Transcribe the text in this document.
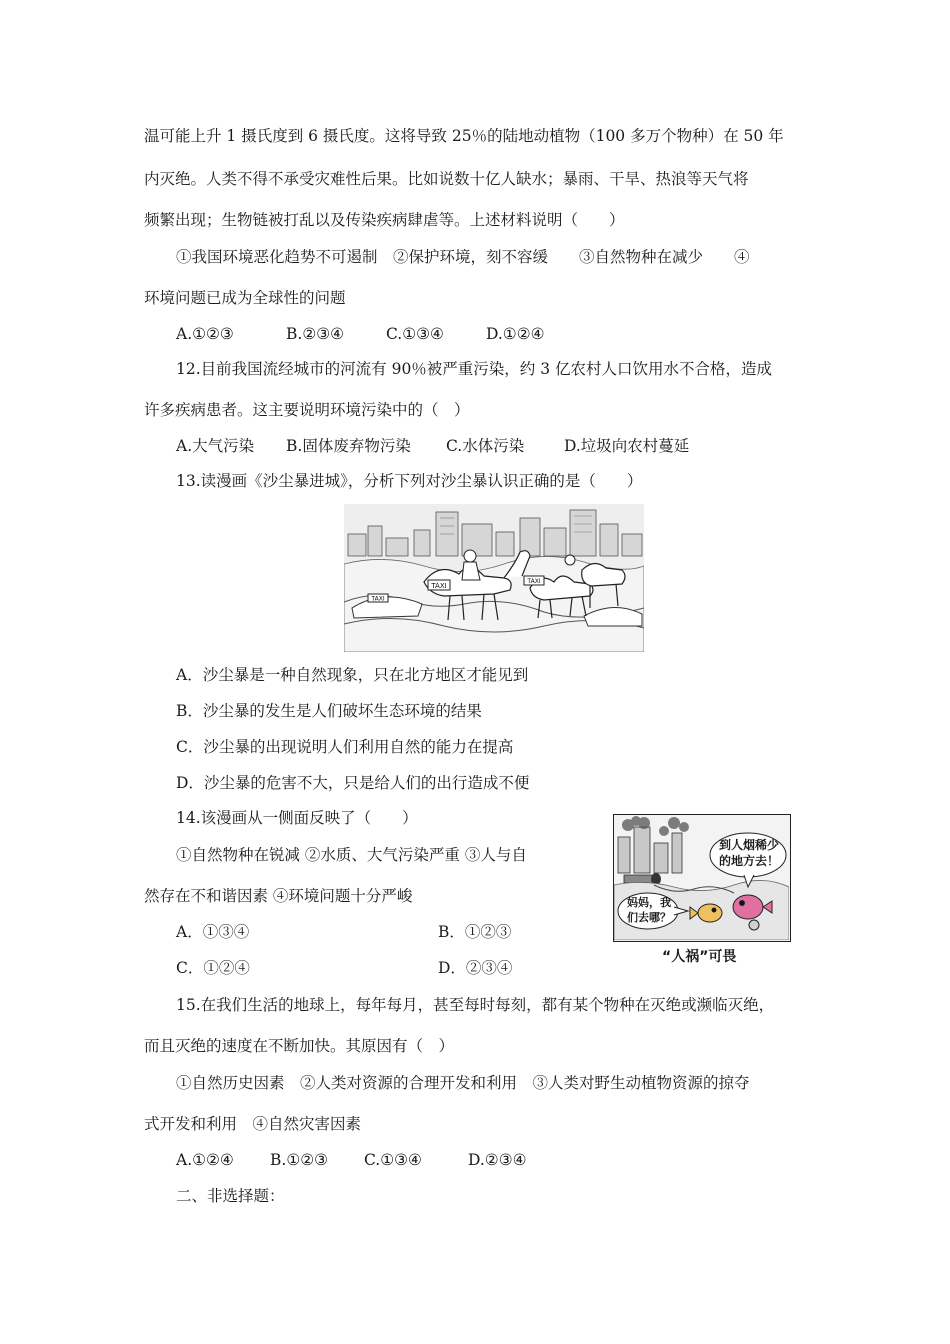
温可能上升 1 摄氏度到 6 摄氏度。这将导致 25％的陆地动植物（100 多万个物种）在 50 年
内灭绝。人类不得不承受灾难性后果。比如说数十亿人缺水；暴雨、干旱、热浪等天气将
频繁出现；生物链被打乱以及传染疾病肆虐等。上述材料说明（　　）
①我国环境恶化趋势不可遏制　②保护环境，刻不容缓　　③自然物种在减少　　④
环境问题已成为全球性的问题
A.①②③	B.②③④	C.①③④	D.①②④
12.目前我国流经城市的河流有 90％被严重污染，约 3 亿农村人口饮用水不合格，造成
许多疾病患者。这主要说明环境污染中的（　）
A.大气污染 B.固体废弃物污染 C.水体污染	D.垃圾向农村蔓延
13.读漫画《沙尘暴进城》，分析下列对沙尘暴认识正确的是（　　）
TAXI
TAXI
TAXI
A．沙尘暴是一种自然现象，只在北方地区才能见到
B．沙尘暴的发生是人们破坏生态环境的结果
C．沙尘暴的出现说明人们利用自然的能力在提高
D．沙尘暴的危害不大，只是给人们的出行造成不便
14.该漫画从一侧面反映了（　　）
①自然物种在锐减 ②水质、大气污染严重 ③人与自
然存在不和谐因素 ④环境问题十分严峻
A．①③④	B．①②③
C．①②④	D．②③④
到人烟稀少
的地方去！
妈妈，我
们去哪？
“人祸”可畏
15.在我们生活的地球上，每年每月，甚至每时每刻，都有某个物种在灭绝或濒临灭绝，
而且灭绝的速度在不断加快。其原因有（　）
①自然历史因素　②人类对资源的合理开发和利用　③人类对野生动植物资源的掠夺
式开发和利用　④自然灾害因素
A.①②④ B.①②③ C.①③④	D.②③④
二、非选择题：
